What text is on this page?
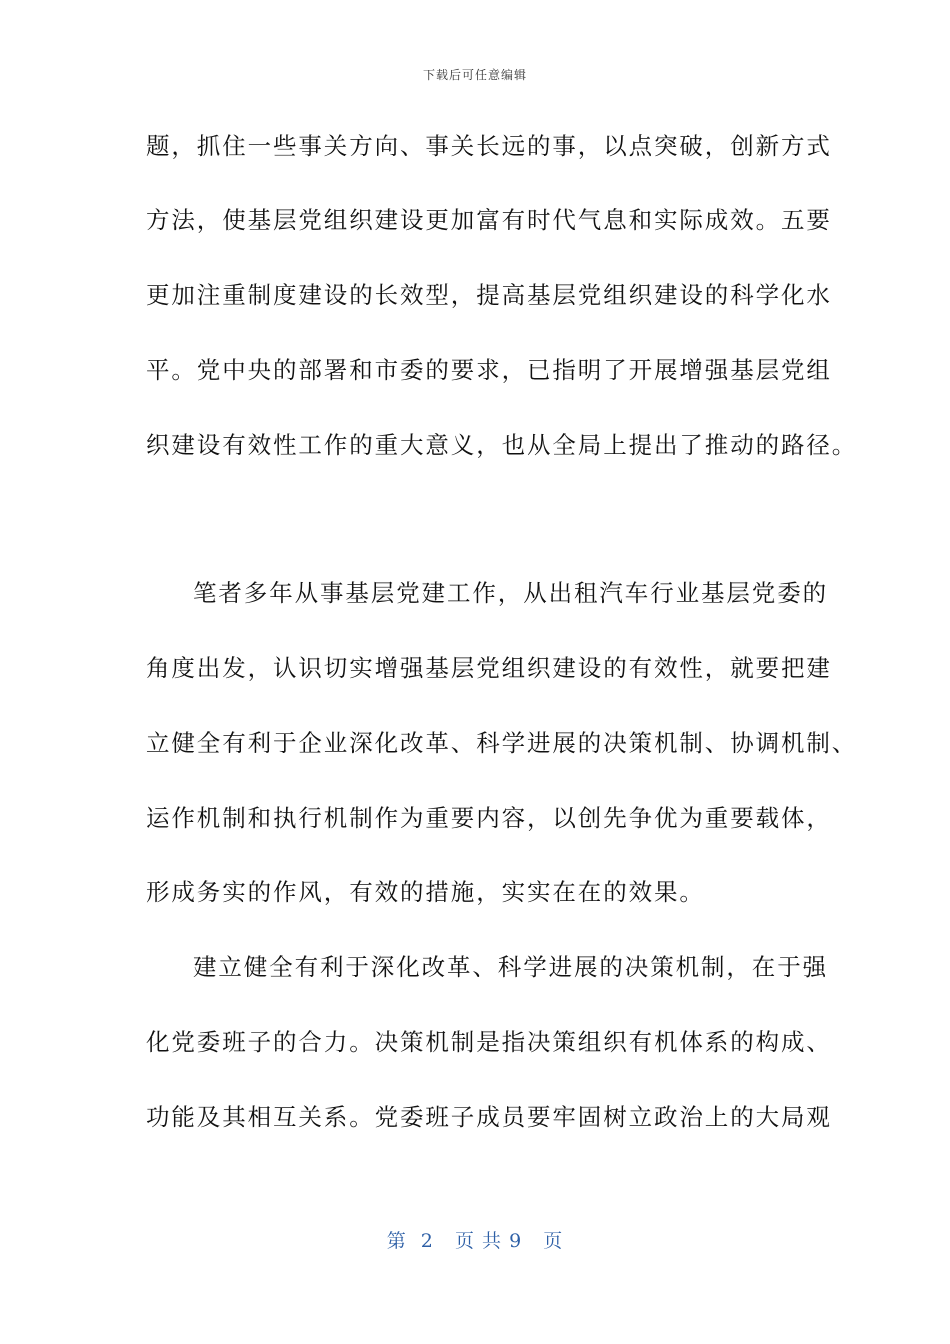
下载后可任意编辑
题，抓住一些事关方向、事关长远的事，以点突破，创新方式
方法，使基层党组织建设更加富有时代气息和实际成效。五要
更加注重制度建设的长效型，提高基层党组织建设的科学化水
平。党中央的部署和市委的要求，已指明了开展增强基层党组
织建设有效性工作的重大意义，也从全局上提出了推动的路径。
笔者多年从事基层党建工作，从出租汽车行业基层党委的
角度出发，认识切实增强基层党组织建设的有效性，就要把建
立健全有利于企业深化改革、科学进展的决策机制、协调机制、
运作机制和执行机制作为重要内容，以创先争优为重要载体，
形成务实的作风，有效的措施，实实在在的效果。
建立健全有利于深化改革、科学进展的决策机制，在于强
化党委班子的合力。决策机制是指决策组织有机体系的构成、
功能及其相互关系。党委班子成员要牢固树立政治上的大局观
第  2   页 共 9   页
